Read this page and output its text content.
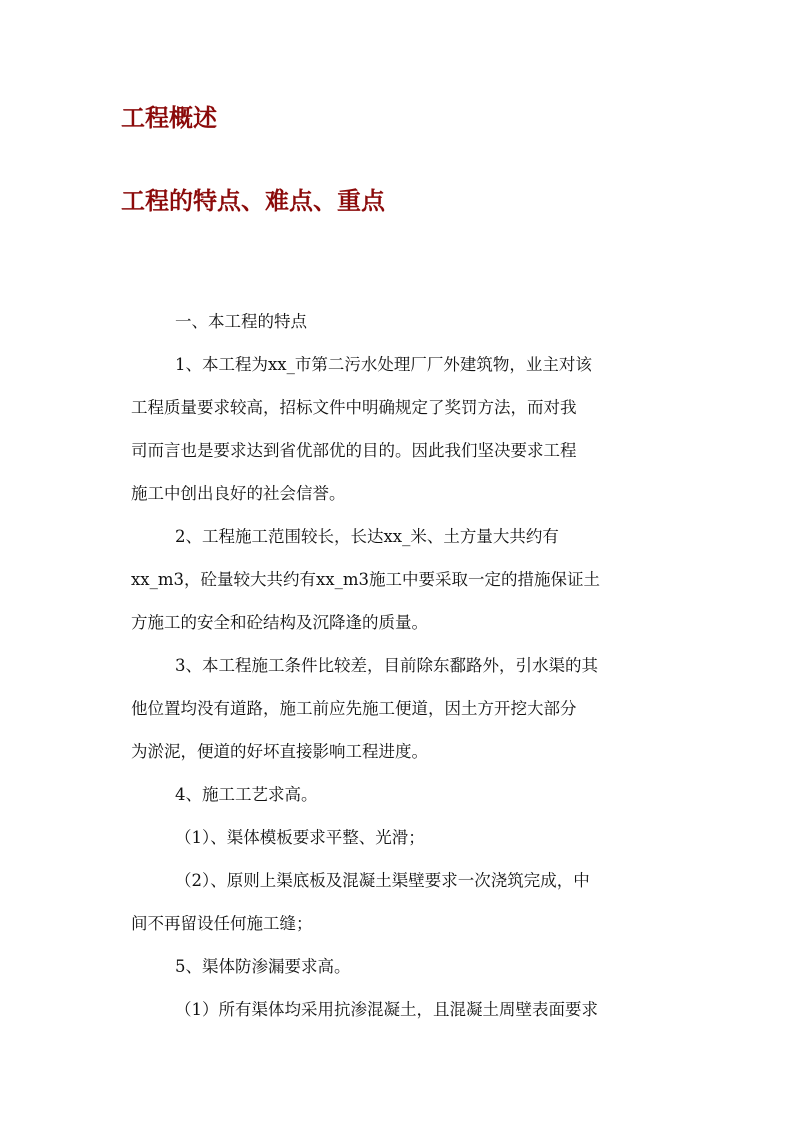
工程概述
工程的特点、难点、重点
一、本工程的特点
1、本工程为xx_市第二污水处理厂厂外建筑物，业主对该
工程质量要求较高，招标文件中明确规定了奖罚方法，而对我
司而言也是要求达到省优部优的目的。因此我们坚决要求工程
施工中创出良好的社会信誉。
2、工程施工范围较长，长达xx_米、土方量大共约有
xx_m3，砼量较大共约有xx_m3施工中要采取一定的措施保证土
方施工的安全和砼结构及沉降逢的质量。
3、本工程施工条件比较差，目前除东鄱路外，引水渠的其
他位置均没有道路，施工前应先施工便道，因土方开挖大部分
为淤泥，便道的好坏直接影响工程进度。
4、施工工艺求高。
（1）、渠体模板要求平整、光滑；
（2）、原则上渠底板及混凝土渠壁要求一次浇筑完成，中
间不再留设任何施工缝；
5、渠体防渗漏要求高。
（1）所有渠体均采用抗渗混凝土，且混凝土周壁表面要求
